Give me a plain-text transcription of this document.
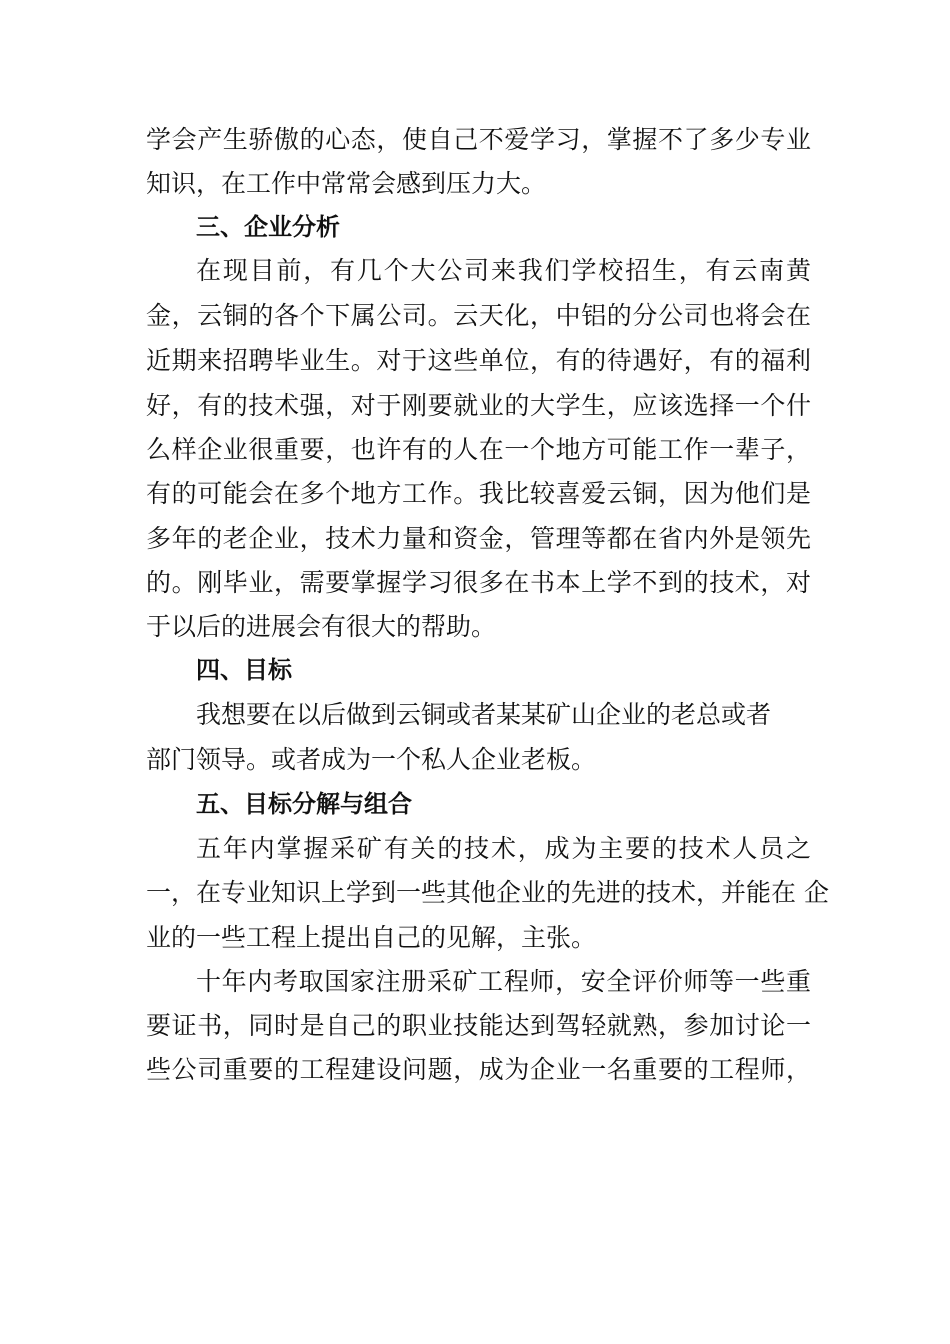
学会产生骄傲的心态，使自己不爱学习，掌握不了多少专业

知识，在工作中常常会感到压力大。

三、企业分析

在现目前，有几个大公司来我们学校招生，有云南黄

金，云铜的各个下属公司。云天化，中铝的分公司也将会在

近期来招聘毕业生。对于这些单位，有的待遇好，有的福利

好，有的技术强，对于刚要就业的大学生，应该选择一个什

么样企业很重要，也许有的人在一个地方可能工作一辈子，

有的可能会在多个地方工作。我比较喜爱云铜，因为他们是

多年的老企业，技术力量和资金，管理等都在省内外是领先

的。刚毕业，需要掌握学习很多在书本上学不到的技术，对

于以后的进展会有很大的帮助。

四、目标

我想要在以后做到云铜或者某某矿山企业的老总或者

部门领导。或者成为一个私人企业老板。

五、目标分解与组合

五年内掌握采矿有关的技术，成为主要的技术人员之

一，在专业知识上学到一些其他企业的先进的技术，并能在 企

业的一些工程上提出自己的见解，主张。

十年内考取国家注册采矿工程师，安全评价师等一些重

要证书，同时是自己的职业技能达到驾轻就熟，参加讨论一

些公司重要的工程建设问题，成为企业一名重要的工程师，
